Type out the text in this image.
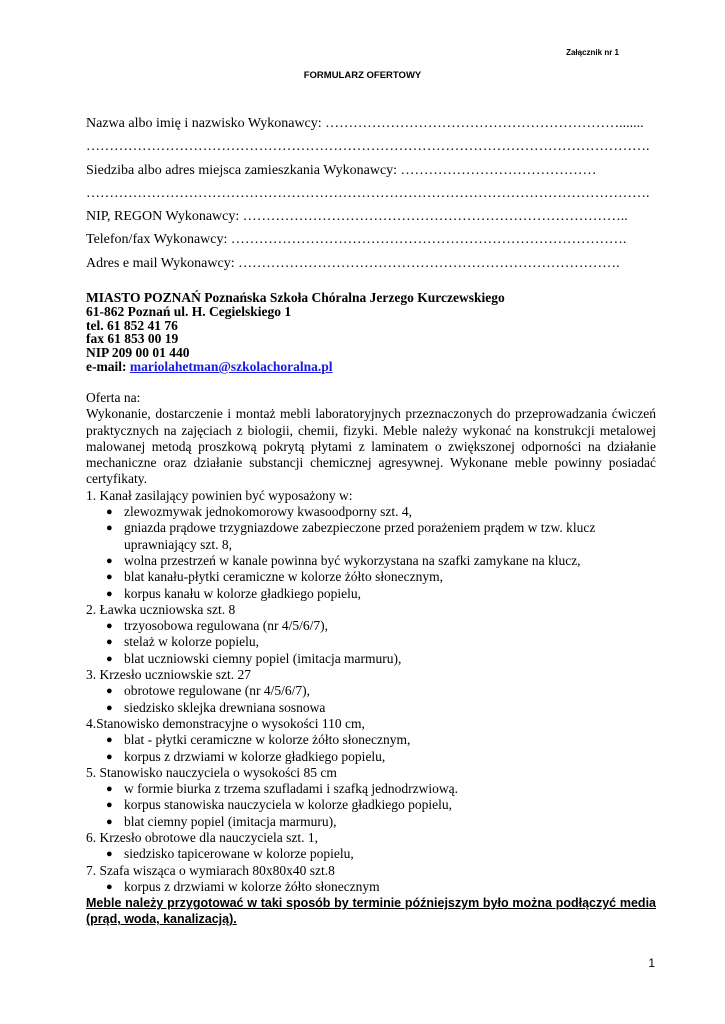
Załącznik nr 1
FORMULARZ OFERTOWY
Nazwa albo imię i nazwisko Wykonawcy: ……………………………………………………….......
………………………………………………………………………………………………………….
Siedziba albo adres miejsca zamieszkania Wykonawcy: ……………………………………
………………………………………………………………………………………………………….
NIP, REGON Wykonawcy: ………………………………………………………………………..
Telefon/fax Wykonawcy: ………………………………………………………………………….
Adres e mail Wykonawcy: ……………………………………………………………………….
MIASTO POZNAŃ Poznańska Szkoła Chóralna Jerzego Kurczewskiego
61-862 Poznań ul. H. Cegielskiego 1
tel. 61 852 41 76
fax 61 853 00 19
NIP 209 00 01 440
e-mail: mariolahetman@szkolachoralna.pl

Oferta na:

Wykonanie, dostarczenie i montaż mebli laboratoryjnych przeznaczonych do przeprowadzania ćwiczeń praktycznych na zajęciach z biologii, chemii, fizyki. Meble należy wykonać na konstrukcji metalowej malowanej metodą proszkową pokrytą płytami z laminatem o zwiększonej odporności na działanie mechaniczne oraz działanie substancji chemicznej agresywnej. Wykonane meble powinny posiadać certyfikaty.

1. Kanał zasilający powinien być wyposażony w:

● zlewozmywak jednokomorowy kwasoodporny szt. 4,
● gniazda prądowe trzygniazdowe zabezpieczone przed porażeniem prądem w tzw. klucz uprawniający szt. 8,
● wolna przestrzeń w kanale powinna być wykorzystana na szafki zamykane na klucz,
● blat kanału-płytki ceramiczne w kolorze żółto słonecznym,
● korpus kanału w kolorze gładkiego popielu,

2. Ławka uczniowska szt. 8

● trzyosobowa regulowana (nr 4/5/6/7),
● stelaż w kolorze popielu,
● blat uczniowski ciemny popiel (imitacja marmuru),

3. Krzesło uczniowskie szt. 27

● obrotowe regulowane (nr 4/5/6/7),
● siedzisko sklejka drewniana sosnowa

4.Stanowisko demonstracyjne o wysokości 110 cm,

● blat - płytki ceramiczne w kolorze żółto słonecznym,
● korpus z drzwiami w kolorze gładkiego popielu,

5. Stanowisko nauczyciela o wysokości 85 cm

● w formie biurka z trzema szufladami i szafką jednodrzwiową.
● korpus stanowiska nauczyciela w kolorze gładkiego popielu,
● blat ciemny popiel (imitacja marmuru),

6. Krzesło obrotowe dla nauczyciela szt. 1,

● siedzisko tapicerowane w kolorze popielu,

7. Szafa wisząca o wymiarach 80x80x40 szt.8

● korpus z drzwiami w kolorze żółto słonecznym

Meble należy przygotować w taki sposób by terminie późniejszym było można podłączyć media (prąd, woda, kanalizacją).

1
